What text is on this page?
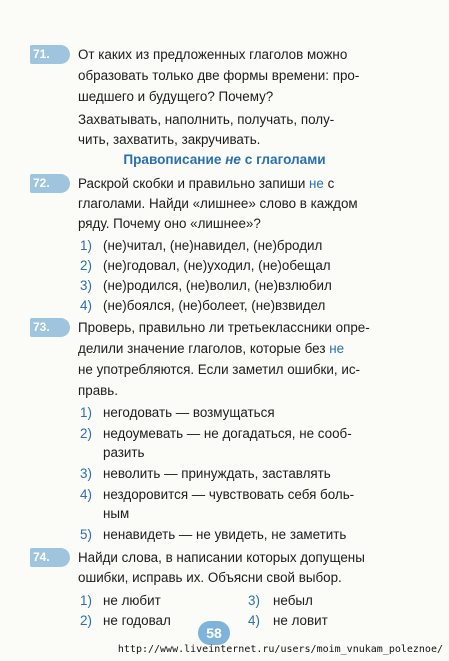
71.	От каких из предложенных глаголов можно
образовать только две формы времени: про-
шедшего и будущего? Почему?
Захватывать, наполнить, получать, полу-
чить, захватить, закручивать.
Правописание не с глаголами
72.	Раскрой скобки и правильно запиши не с
глаголами. Найди «лишнее» слово в каждом
ряду. Почему оно «лишнее»?
1) (не)читал, (не)навидел, (не)бродил
2) (не)годовал, (не)уходил, (не)обещал
3) (не)родился, (не)волил, (не)взлюбил
4) (не)боялся, (не)болеет, (не)взвидел
73.	Проверь, правильно ли третьеклассники опре-
делили значение глаголов, которые без не
не употребляются. Если заметил ошибки, ис-
правь.
1) негодовать — возмущаться
2) недоумевать — не догадаться, не сооб-
разить
3) неволить — принуждать, заставлять
4) нездоровится — чувствовать себя боль-
ным
5) ненавидеть — не увидеть, не заметить
74.	Найди слова, в написании которых допущены
ошибки, исправь их. Объясни свой выбор.
1) не любит
2) не годовал
3) небыл
4) не ловит
58
http://www.liveinternet.ru/users/moim_vnukam_poleznoe/
